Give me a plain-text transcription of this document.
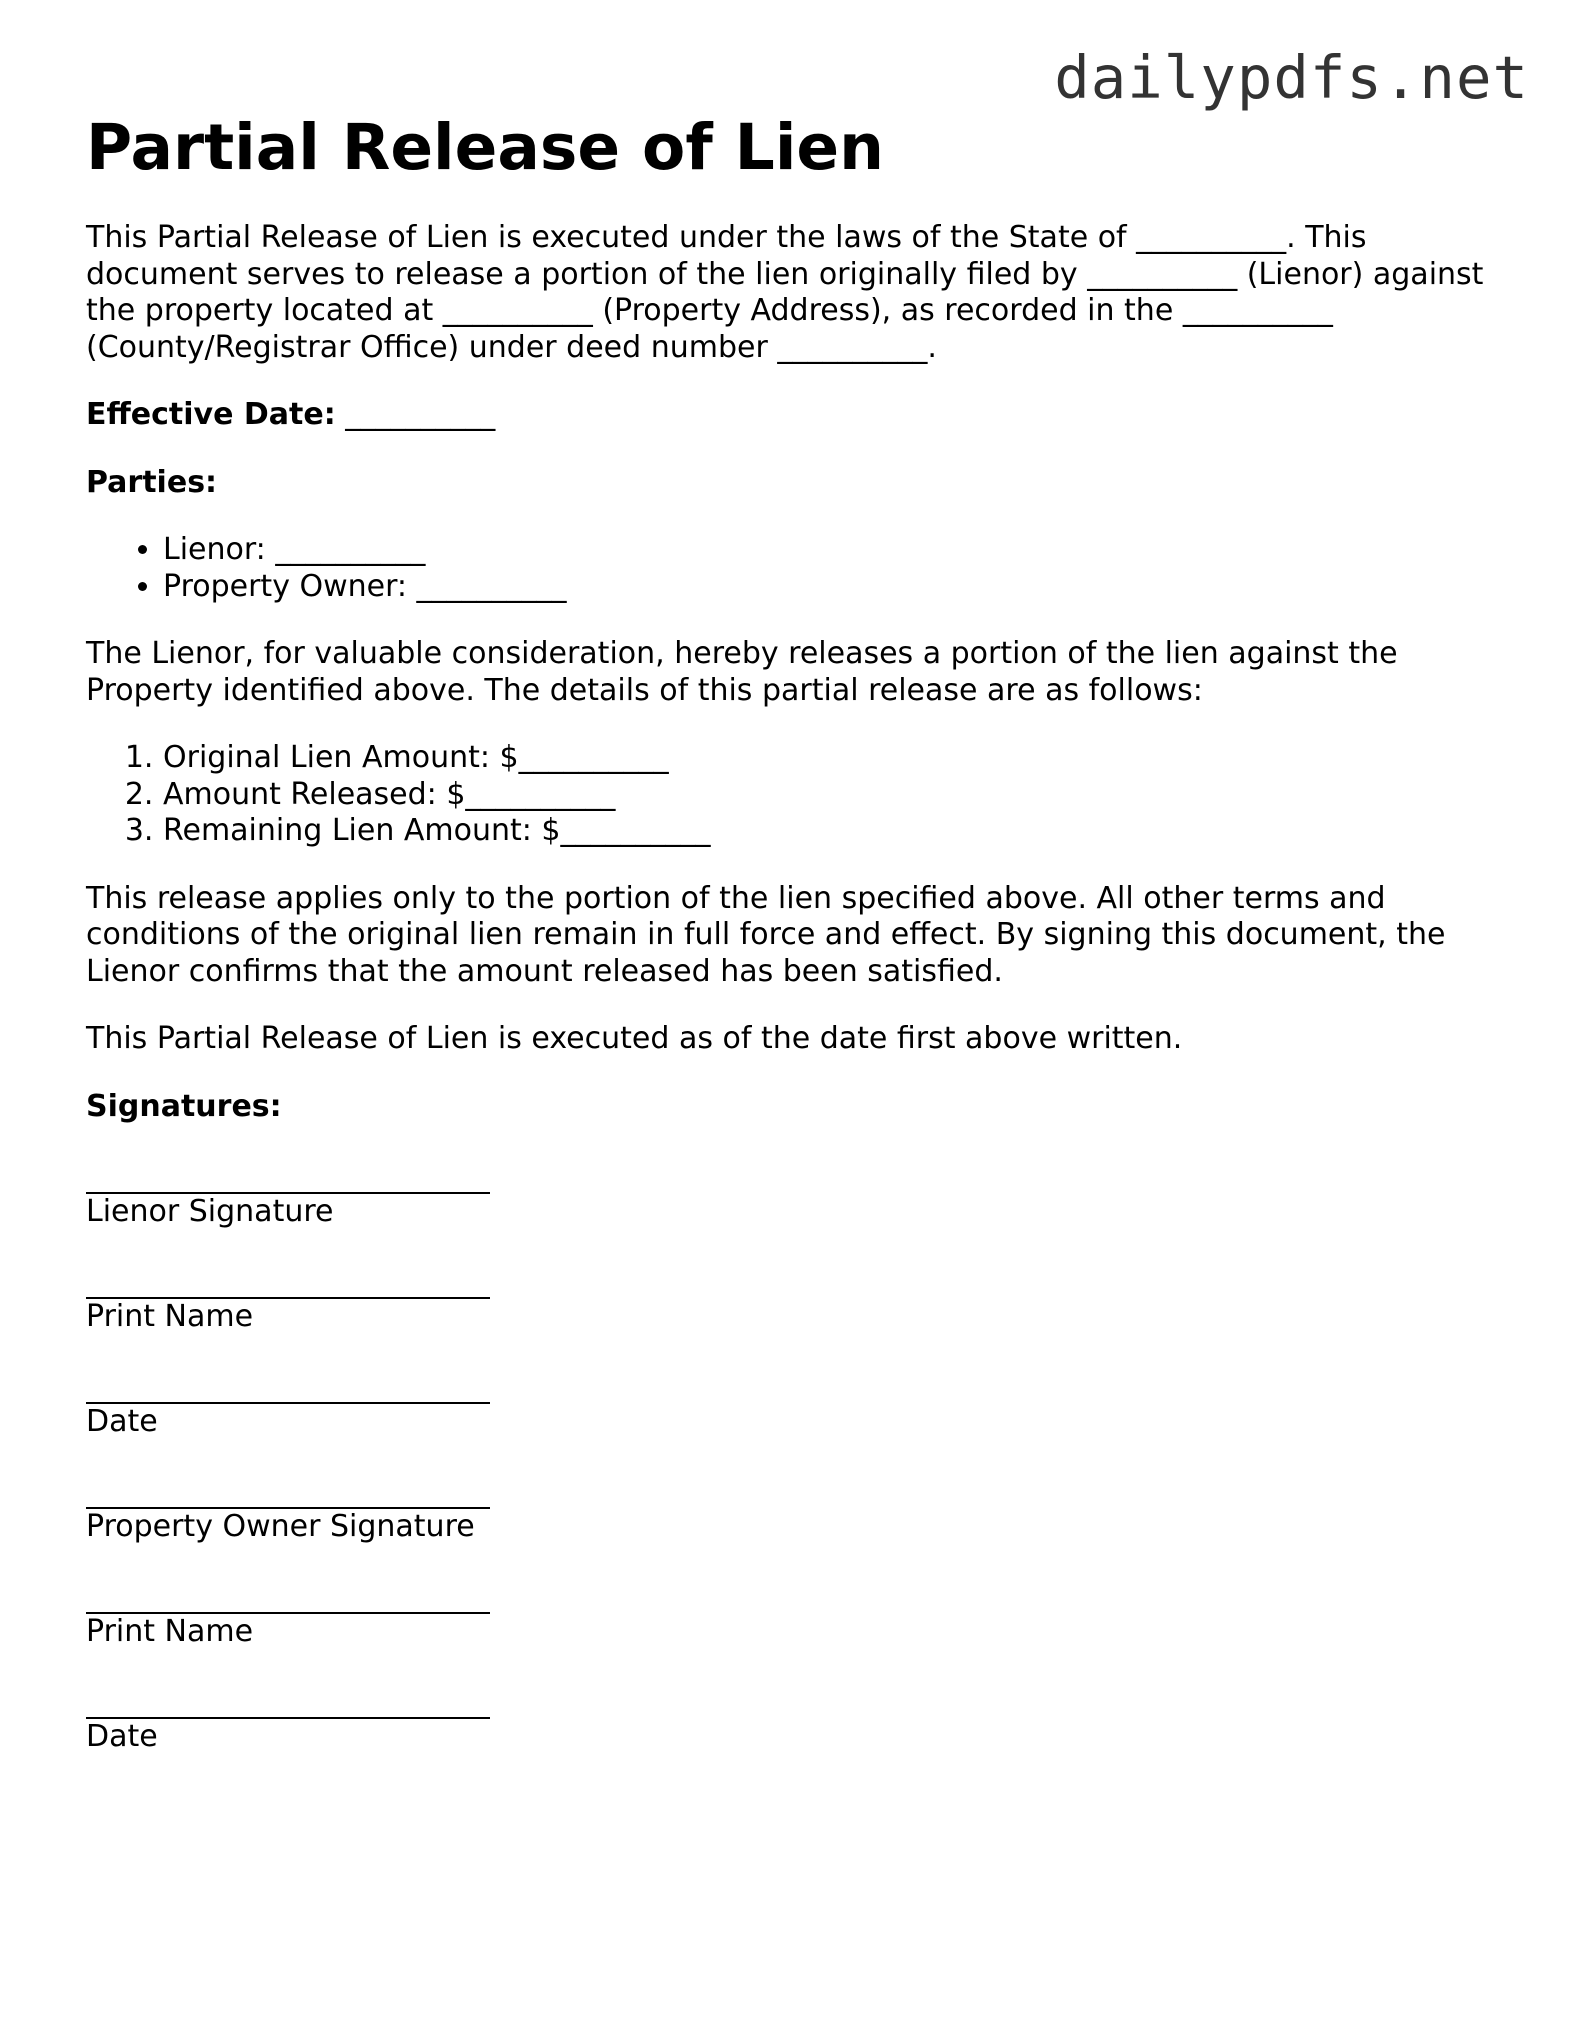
dailypdfs.net
Partial Release of Lien

This Partial Release of Lien is executed under the laws of the State of __________. This document serves to release a portion of the lien originally filed by __________ (Lienor) against the property located at __________ (Property Address), as recorded in the __________ (County/Registrar Office) under deed number __________.

Effective Date: __________

Parties:

• Lienor: __________
• Property Owner: __________

The Lienor, for valuable consideration, hereby releases a portion of the lien against the Property identified above. The details of this partial release are as follows:

1. Original Lien Amount: $__________
2. Amount Released: $__________
3. Remaining Lien Amount: $__________

This release applies only to the portion of the lien specified above. All other terms and conditions of the original lien remain in full force and effect. By signing this document, the Lienor confirms that the amount released has been satisfied.

This Partial Release of Lien is executed as of the date first above written.

Signatures:

Lienor Signature

Print Name

Date

Property Owner Signature

Print Name

Date
